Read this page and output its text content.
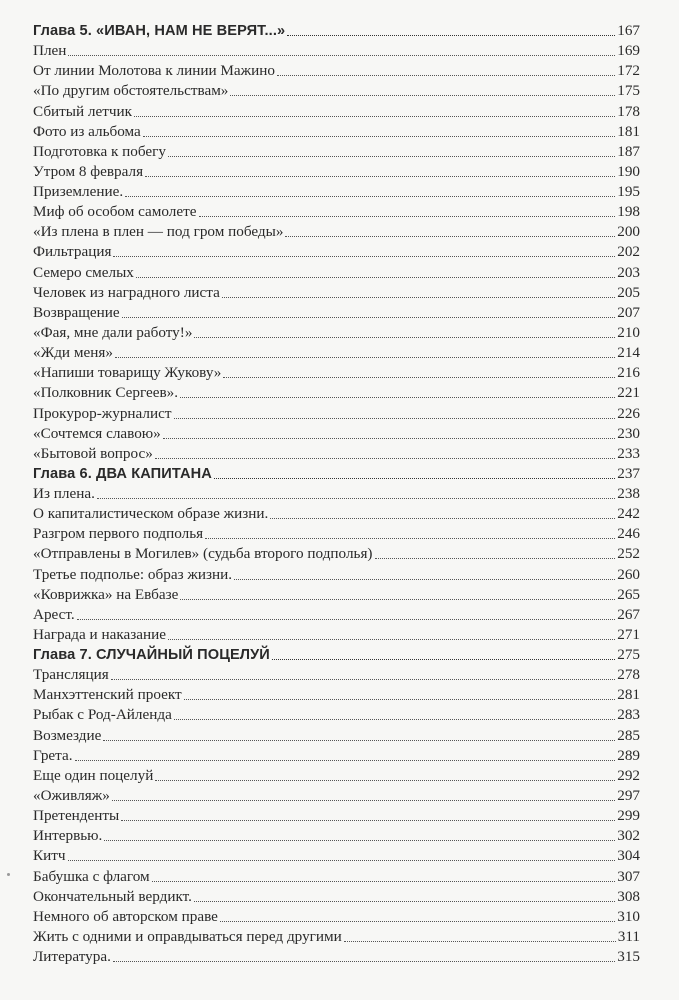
Глава 5. «ИВАН, НАМ НЕ ВЕРЯТ...»	167
Плен	169
От линии Молотова к линии Мажино	172
«По другим обстоятельствам»	175
Сбитый летчик	178
Фото из альбома	181
Подготовка к побегу	187
Утром 8 февраля	190
Приземление.	195
Миф об особом самолете	198
«Из плена в плен — под гром победы»	200
Фильтрация	202
Семеро смелых	203
Человек из наградного листа	205
Возвращение	207
«Фая, мне дали работу!»	210
«Жди меня»	214
«Напиши товарищу Жукову»	216
«Полковник Сергеев».	221
Прокурор-журналист	226
«Сочтемся славою»	230
«Бытовой вопрос»	233
Глава 6. ДВА КАПИТАНА	237
Из плена.	238
О капиталистическом образе жизни.	242
Разгром первого подполья	246
«Отправлены в Могилев» (судьба второго подполья)	252
Третье подполье: образ жизни.	260
«Коврижка» на Евбазе	265
Арест.	267
Награда и наказание	271
Глава 7. СЛУЧАЙНЫЙ ПОЦЕЛУЙ	275
Трансляция	278
Манхэттенский проект	281
Рыбак с Род-Айленда	283
Возмездие	285
Грета.	289
Еще один поцелуй	292
«Оживляж»	297
Претенденты	299
Интервью.	302
Китч	304
Бабушка с флагом	307
Окончательный вердикт.	308
Немного об авторском праве	310
Жить с одними и оправдываться перед другими	311
Литература.	315
